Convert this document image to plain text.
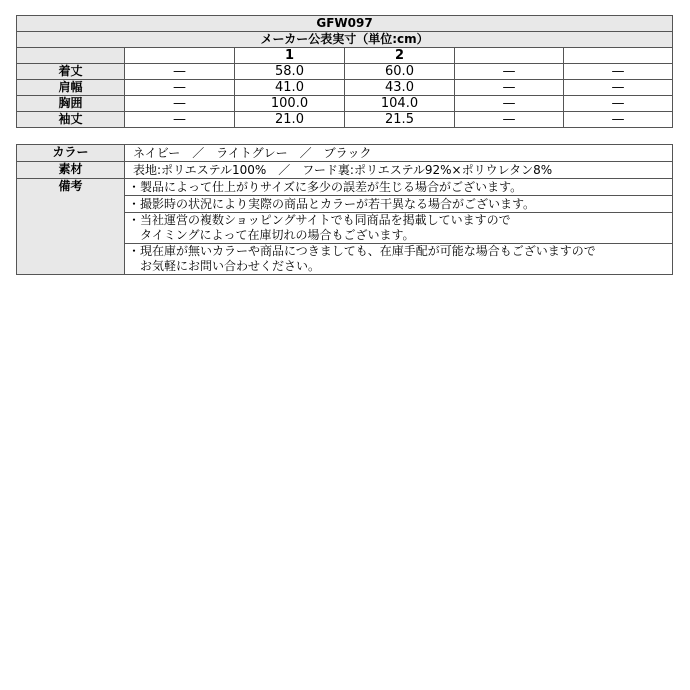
GFW097					
メーカー公表実寸（単位:cm）					
		1	2		
着丈	—	58.0	60.0	—	—
肩幅	—	41.0	43.0	—	—
胸囲	—	100.0	104.0	—	—
袖丈	—	21.0	21.5	—	—
カラー	ネイビー　／　ライトグレー　／　ブラック
素材	表地:ポリエステル100%　／　フード裏:ポリエステル92%×ポリウレタン8%
備考	・製品によって仕上がりサイズに多少の誤差が生じる場合がございます。

	・撮影時の状況により実際の商品とカラーが若干異なる場合がございます。

	・当社運営の複数ショッピングサイトでも同商品を掲載していますので
　タイミングによって在庫切れの場合もございます。

	・現在庫が無いカラーや商品につきましても、在庫手配が可能な場合もございますので
　お気軽にお問い合わせください。
